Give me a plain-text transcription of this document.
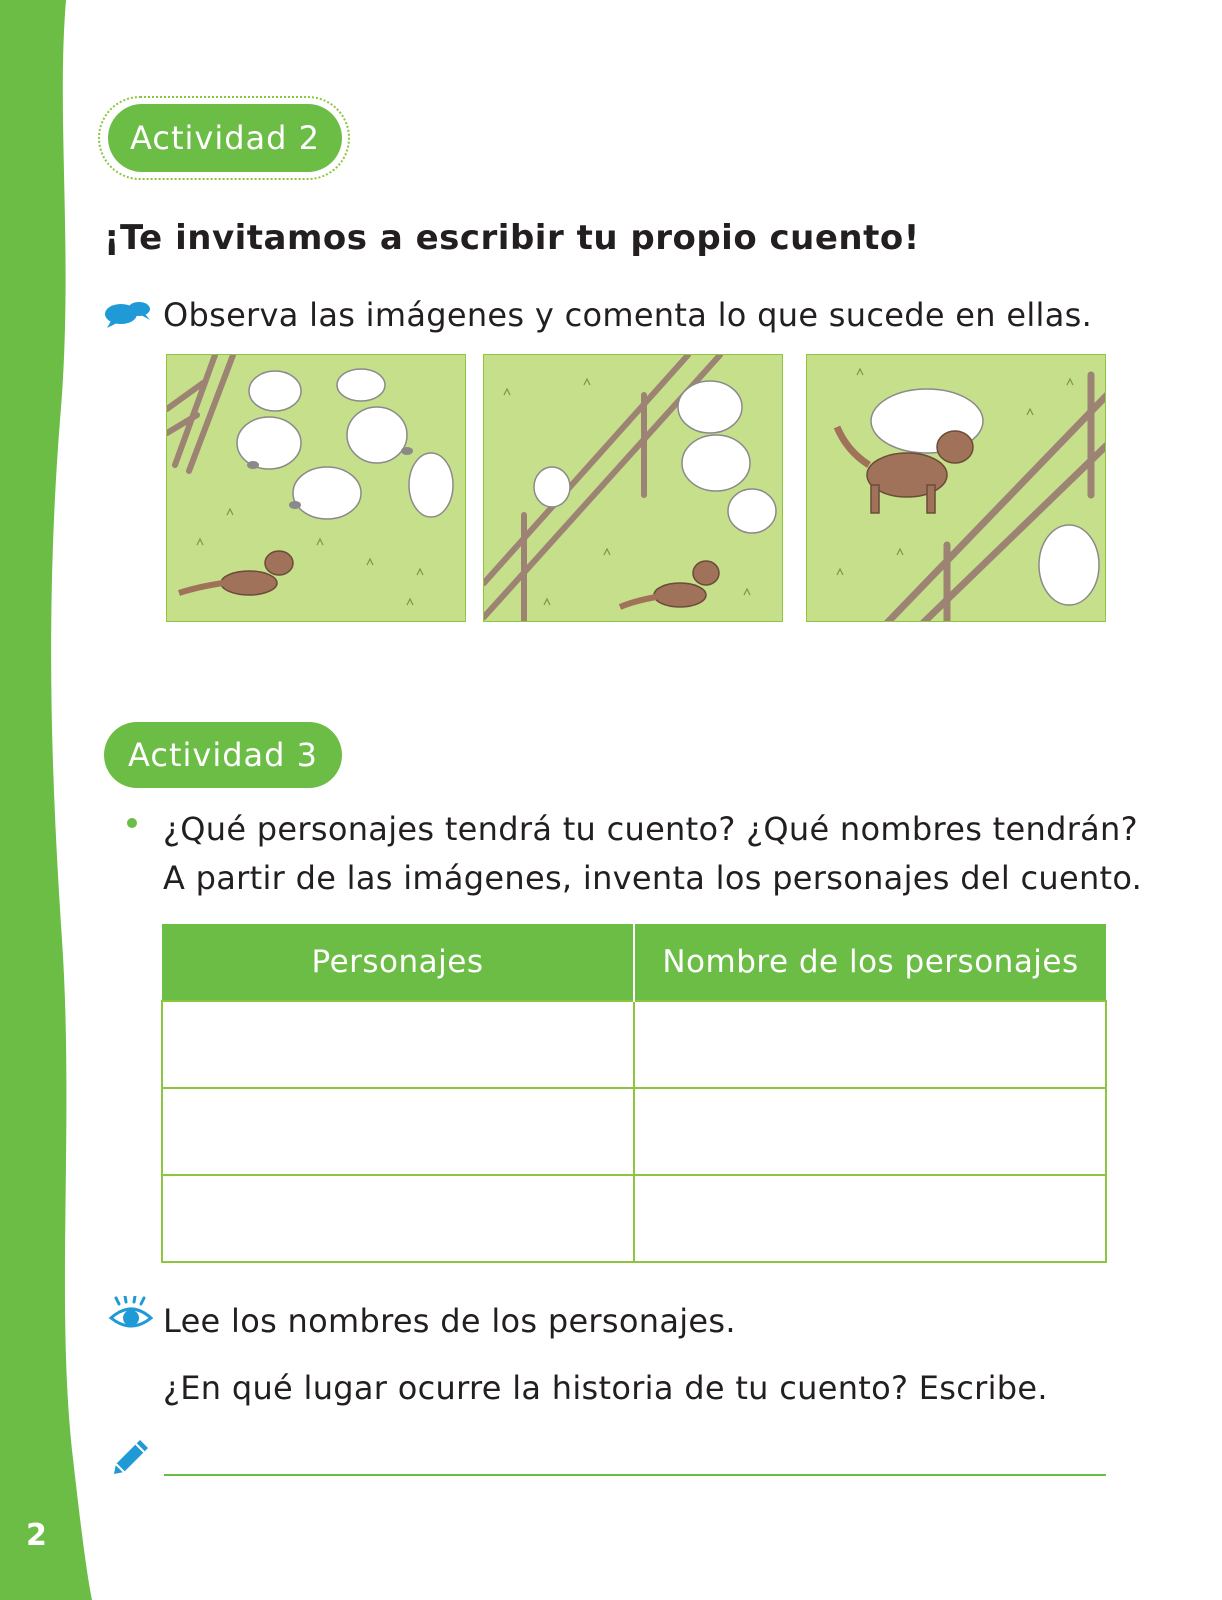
2
Actividad 2
¡Te invitamos a escribir tu propio cuento!
Observa las imágenes y comenta lo que sucede en ellas.
Actividad 3
¿Qué personajes tendrá tu cuento? ¿Qué nombres tendrán?
A partir de las imágenes, inventa los personajes del cuento.
Personajes	Nombre de los personajes

Lee los nombres de los personajes.
¿En qué lugar ocurre la historia de tu cuento? Escribe.
